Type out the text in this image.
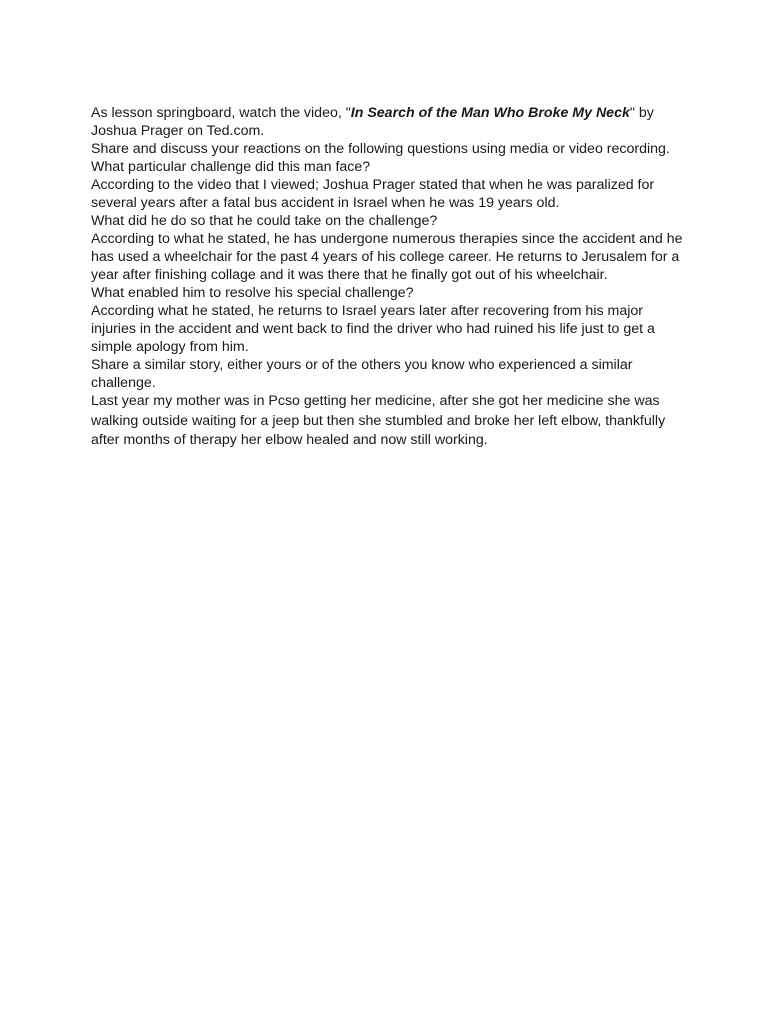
As lesson springboard, watch the video, "In Search of the Man Who Broke My Neck" by Joshua Prager on Ted.com.

Share and discuss your reactions on the following questions using media or video recording.

What particular challenge did this man face?

According to the video that I viewed; Joshua Prager stated that when he was paralized for several years after a fatal bus accident in Israel when he was 19 years old.

What did he do so that he could take on the challenge?

According to what he stated, he has undergone numerous therapies since the accident and he has used a wheelchair for the past 4 years of his college career. He returns to Jerusalem for a year after finishing collage and it was there that he finally got out of his wheelchair.

What enabled him to resolve his special challenge?

According what he stated, he returns to Israel years later after recovering from his major injuries in the accident and went back to find the driver who had ruined his life just to get a simple apology from him.

Share a similar story, either yours or of the others you know who experienced a similar challenge.

Last year my mother was in Pcso getting her medicine, after she got her medicine she was walking outside waiting for a jeep but then she stumbled and broke her left elbow, thankfully after months of therapy her elbow healed and now still working.
